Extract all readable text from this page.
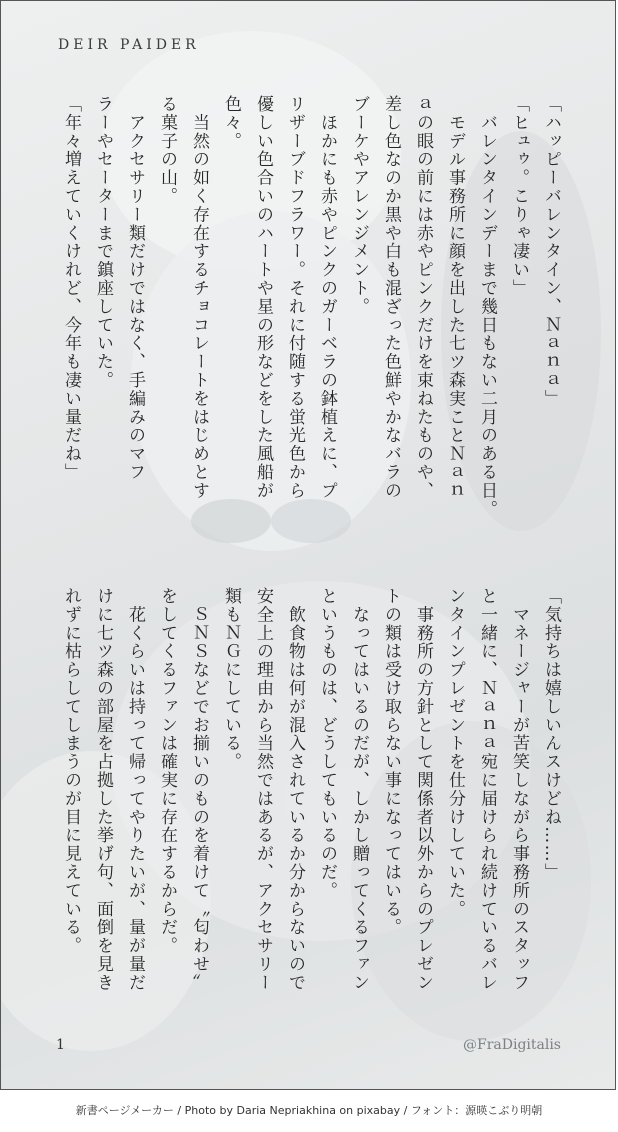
DEIR PAIDER

「ハッピーバレンタイン、Ｎａｎａ」

「ヒュゥ。こりゃ凄い」

　バレンタインデーまで幾日もない二月のある日。

　モデル事務所に顔を出した七ツ森実ことＮａｎ

ａの眼の前には赤やピンクだけを束ねたものや、

差し色なのか黒や白も混ざった色鮮やかなバラの

ブーケやアレンジメント。

　ほかにも赤やピンクのガーベラの鉢植えに、プ

リザーブドフラワー。それに付随する蛍光色から

優しい色合いのハートや星の形などをした風船が

色々。

　当然の如く存在するチョコレートをはじめとす

る菓子の山。

　アクセサリー類だけではなく、手編みのマフ

ラーやセーターまで鎮座していた。

「年々増えていくけれど、今年も凄い量だね」

「気持ちは嬉しいんスけどね……」

　マネージャーが苦笑しながら事務所のスタッフ

と一緒に、Ｎａｎａ宛に届けられ続けているバレ

ンタインプレゼントを仕分けしていた。

　事務所の方針として関係者以外からのプレゼン

トの類は受け取らない事になってはいる。

　なってはいるのだが、しかし贈ってくるファン

というものは、どうしてもいるのだ。

　飲食物は何が混入されているか分からないので

安全上の理由から当然ではあるが、アクセサリー

類もＮＧにしている。

　ＳＮＳなどでお揃いのものを着けて〝匂わせ〟

をしてくるファンは確実に存在するからだ。

　花くらいは持って帰ってやりたいが、量が量だ

けに七ツ森の部屋を占拠した挙げ句、面倒を見き

れずに枯らしてしまうのが目に見えている。

1	@FraDigitalis
新書ページメーカー / Photo by Daria Nepriakhina on pixabay / フォント：源暎こぶり明朝
